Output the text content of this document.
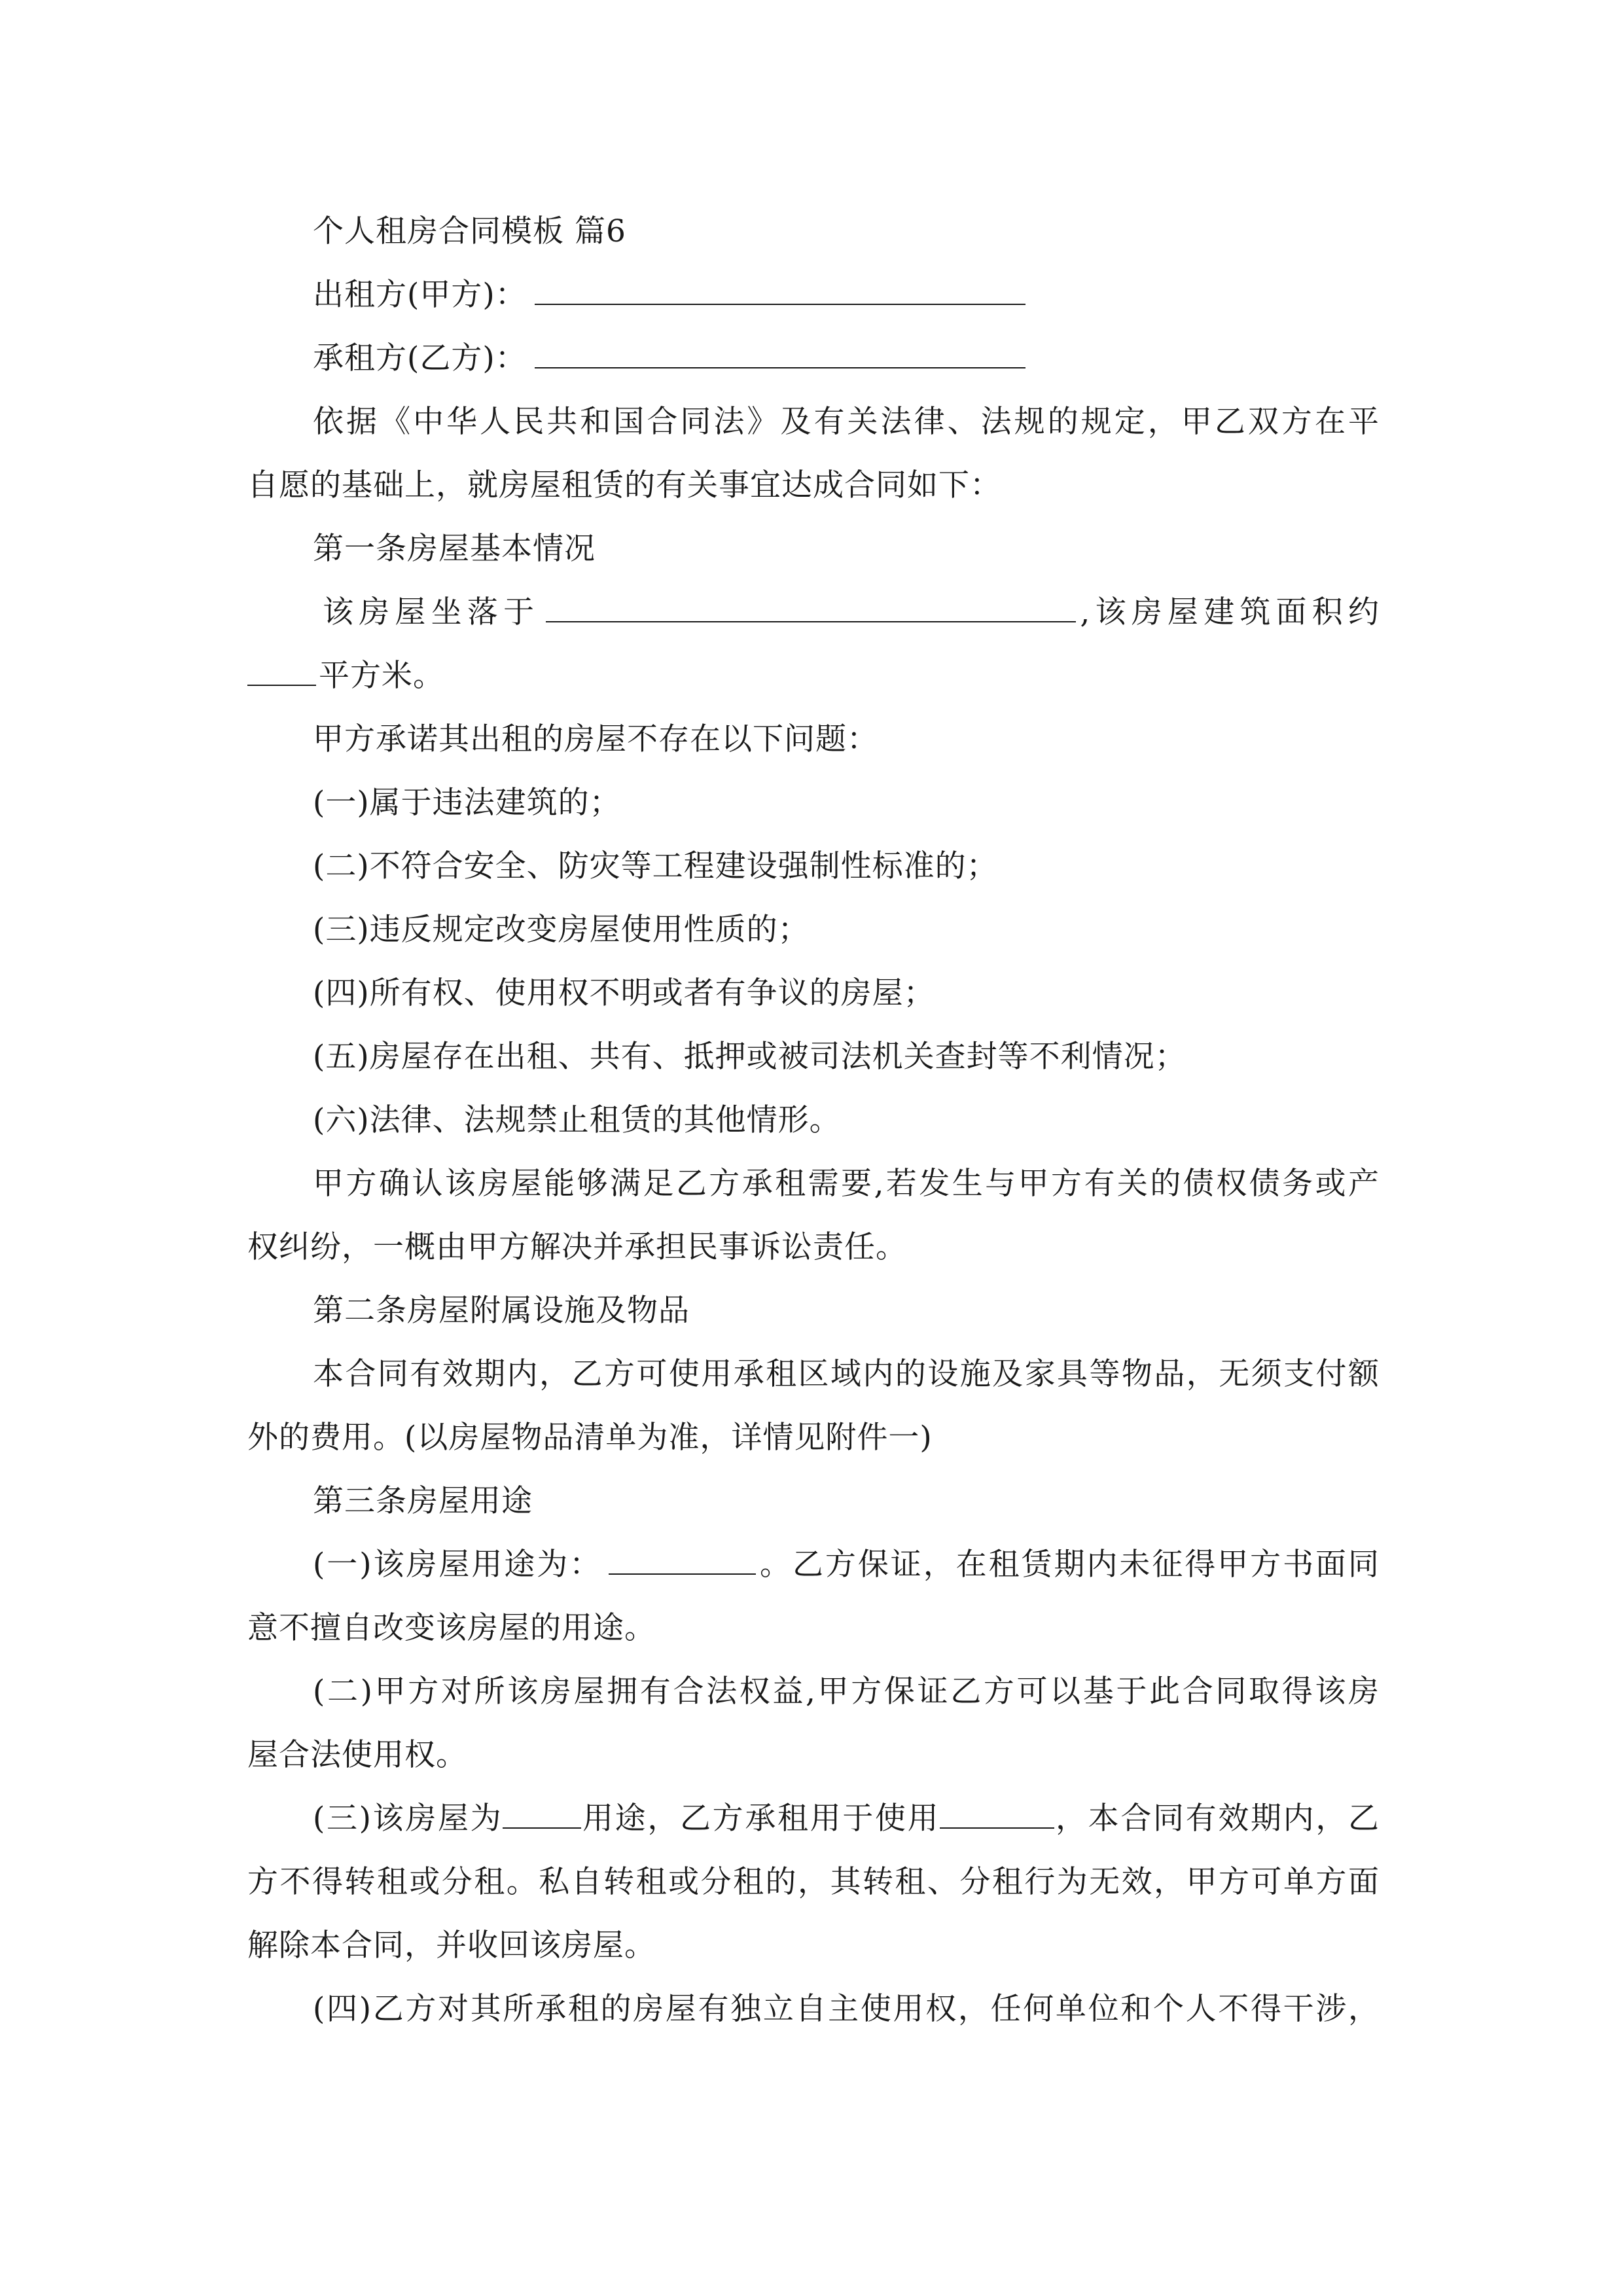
个人租房合同模板 篇6
出租方(甲方)：
承租方(乙方)：
依据《中华人民共和国合同法》及有关法律、法规的规定，甲乙双方在平
自愿的基础上，就房屋租赁的有关事宜达成合同如下：
第一条房屋基本情况
该房屋坐落于	,该房屋建筑面积约
平方米。
甲方承诺其出租的房屋不存在以下问题：
(一)属于违法建筑的；
(二)不符合安全、防灾等工程建设强制性标准的；
(三)违反规定改变房屋使用性质的；
(四)所有权、使用权不明或者有争议的房屋；
(五)房屋存在出租、共有、抵押或被司法机关查封等不利情况；
(六)法律、法规禁止租赁的其他情形。
甲方确认该房屋能够满足乙方承租需要,若发生与甲方有关的债权债务或产
权纠纷，一概由甲方解决并承担民事诉讼责任。
第二条房屋附属设施及物品
本合同有效期内，乙方可使用承租区域内的设施及家具等物品，无须支付额
外的费用。(以房屋物品清单为准，详情见附件一)
第三条房屋用途
(一)该房屋用途为：	。乙方保证，在租赁期内未征得甲方书面同
意不擅自改变该房屋的用途。
(二)甲方对所该房屋拥有合法权益,甲方保证乙方可以基于此合同取得该房
屋合法使用权。
(三)该房屋为	用途，乙方承租用于使用	，本合同有效期内，乙
方不得转租或分租。私自转租或分租的，其转租、分租行为无效，甲方可单方面
解除本合同，并收回该房屋。
(四)乙方对其所承租的房屋有独立自主使用权，任何单位和个人不得干涉，
